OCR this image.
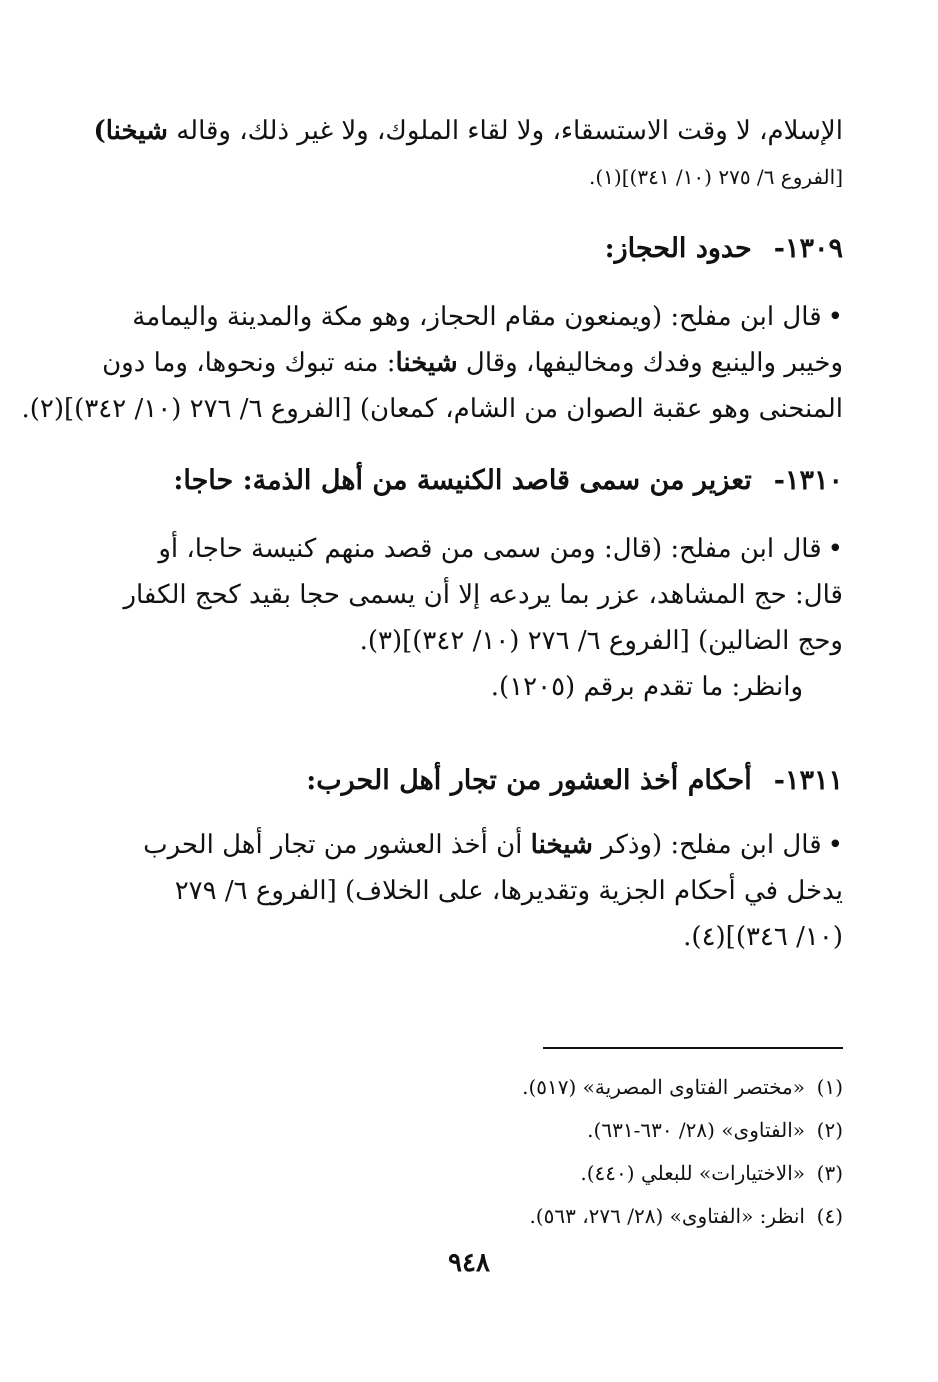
الإسلام، لا وقت الاستسقاء، ولا لقاء الملوك، ولا غير ذلك، وقاله شيخنا)
[الفروع ٦/ ٢٧٥ (١٠/ ٣٤١)](١).
١٣٠٩-حدود الحجاز:
•قال ابن مفلح: (ويمنعون مقام الحجاز، وهو مكة والمدينة واليمامة
وخيبر والينبع وفدك ومخاليفها، وقال شيخنا: منه تبوك ونحوها، وما دون
المنحنى وهو عقبة الصوان من الشام، كمعان) [الفروع ٦/ ٢٧٦ (١٠/ ٣٤٢)](٢).
١٣١٠-تعزير من سمى قاصد الكنيسة من أهل الذمة: حاجا:
•قال ابن مفلح: (قال: ومن سمى من قصد منهم كنيسة حاجا، أو
قال: حج المشاهد، عزر بما يردعه إلا أن يسمى حجا بقيد كحج الكفار
وحج الضالين) [الفروع ٦/ ٢٧٦ (١٠/ ٣٤٢)](٣).
وانظر: ما تقدم برقم (١٢٠٥).
١٣١١-أحكام أخذ العشور من تجار أهل الحرب:
•قال ابن مفلح: (وذكر شيخنا أن أخذ العشور من تجار أهل الحرب
يدخل في أحكام الجزية وتقديرها، على الخلاف) [الفروع ٦/ ٢٧٩
(١٠/ ٣٤٦)](٤).
(١)«مختصر الفتاوى المصرية» (٥١٧).
(٢)«الفتاوى» (٢٨/ ٦٣٠-٦٣١).
(٣)«الاختيارات» للبعلي (٤٤٠).
(٤)انظر: «الفتاوى» (٢٨/ ٢٧٦، ٥٦٣).
٩٤٨
